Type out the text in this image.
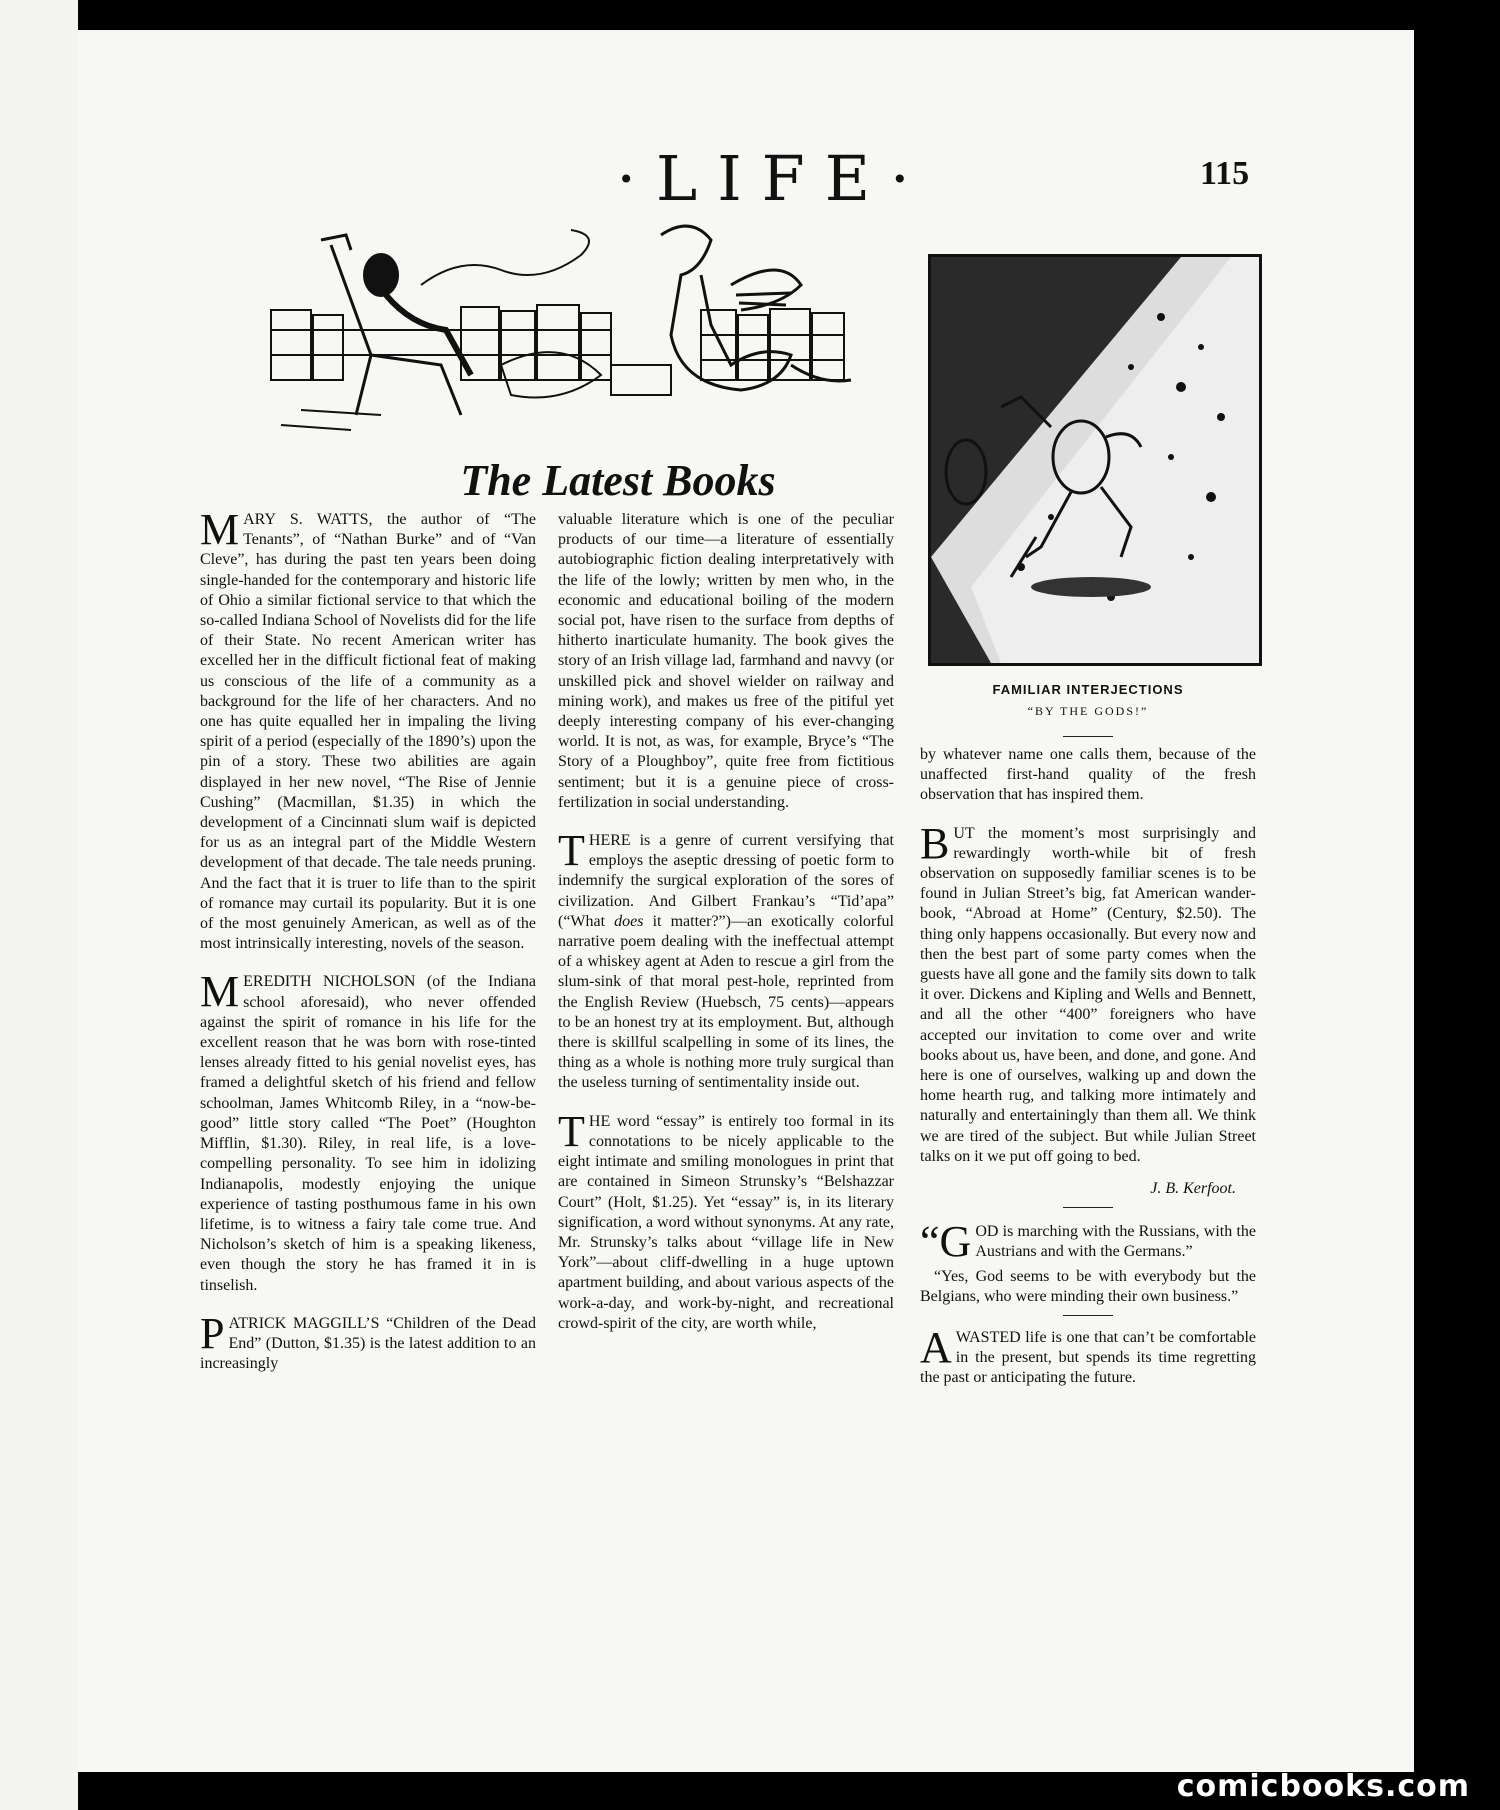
·LIFE·	115
The Latest Books

MARY S. WATTS, the author of “The Tenants”, of “Nathan Burke” and of “Van Cleve”, has during the past ten years been doing single-handed for the contemporary and historic life of Ohio a similar fictional service to that which the so-called Indiana School of Novelists did for the life of their State. No recent American writer has excelled her in the difficult fictional feat of making us conscious of the life of a community as a background for the life of her characters. And no one has quite equalled her in impaling the living spirit of a period (especially of the 1890’s) upon the pin of a story. These two abilities are again displayed in her new novel, “The Rise of Jennie Cushing” (Macmillan, $1.35) in which the development of a Cincinnati slum waif is depicted for us as an integral part of the Middle Western development of that decade. The tale needs pruning. And the fact that it is truer to life than to the spirit of romance may curtail its popularity. But it is one of the most genuinely American, as well as of the most intrinsically interesting, novels of the season.

MEREDITH NICHOLSON (of the Indiana school aforesaid), who never offended against the spirit of romance in his life for the excellent reason that he was born with rose-tinted lenses already fitted to his genial novelist eyes, has framed a delightful sketch of his friend and fellow schoolman, James Whitcomb Riley, in a “now-be-good” little story called “The Poet” (Houghton Mifflin, $1.30). Riley, in real life, is a love-compelling personality. To see him in idolizing Indianapolis, modestly enjoying the unique experience of tasting posthumous fame in his own lifetime, is to witness a fairy tale come true. And Nicholson’s sketch of him is a speaking likeness, even though the story he has framed it in is tinselish.

PATRICK MAGGILL’S “Children of the Dead End” (Dutton, $1.35) is the latest addition to an increasingly

valuable literature which is one of the peculiar products of our time—a literature of essentially autobiographic fiction dealing interpretatively with the life of the lowly; written by men who, in the economic and educational boiling of the modern social pot, have risen to the surface from depths of hitherto inarticulate humanity. The book gives the story of an Irish village lad, farmhand and navvy (or unskilled pick and shovel wielder on railway and mining work), and makes us free of the pitiful yet deeply interesting company of his ever-changing world. It is not, as was, for example, Bryce’s “The Story of a Ploughboy”, quite free from fictitious sentiment; but it is a genuine piece of cross-fertilization in social understanding.

THERE is a genre of current versifying that employs the aseptic dressing of poetic form to indemnify the surgical exploration of the sores of civilization. And Gilbert Frankau’s “Tid’apa” (“What does it matter?”)—an exotically colorful narrative poem dealing with the ineffectual attempt of a whiskey agent at Aden to rescue a girl from the slum-sink of that moral pest-hole, reprinted from the English Review (Huebsch, 75 cents)—appears to be an honest try at its employment. But, although there is skillful scalpelling in some of its lines, the thing as a whole is nothing more truly surgical than the useless turning of sentimentality inside out.

THE word “essay” is entirely too formal in its connotations to be nicely applicable to the eight intimate and smiling monologues in print that are contained in Simeon Strunsky’s “Belshazzar Court” (Holt, $1.25). Yet “essay” is, in its literary signification, a word without synonyms. At any rate, Mr. Strunsky’s talks about “village life in New York”—about cliff-dwelling in a huge uptown apartment building, and about various aspects of the work-a-day, and work-by-night, and recreational crowd-spirit of the city, are worth while,

FAMILIAR INTERJECTIONS
“BY THE GODS!”

by whatever name one calls them, because of the unaffected first-hand quality of the fresh observation that has inspired them.

BUT the moment’s most surprisingly and rewardingly worth-while bit of fresh observation on supposedly familiar scenes is to be found in Julian Street’s big, fat American wander-book, “Abroad at Home” (Century, $2.50). The thing only happens occasionally. But every now and then the best part of some party comes when the guests have all gone and the family sits down to talk it over. Dickens and Kipling and Wells and Bennett, and all the other “400” foreigners who have accepted our invitation to come over and write books about us, have been, and done, and gone. And here is one of ourselves, walking up and down the home hearth rug, and talking more intimately and naturally and entertainingly than them all. We think we are tired of the subject. But while Julian Street talks on it we put off going to bed.

J. B. Kerfoot.

“GOD is marching with the Russians, with the Austrians and with the Germans.”

“Yes, God seems to be with everybody but the Belgians, who were minding their own business.”

A WASTED life is one that can’t be comfortable in the present, but spends its time regretting the past or anticipating the future.

comicbooks.com
